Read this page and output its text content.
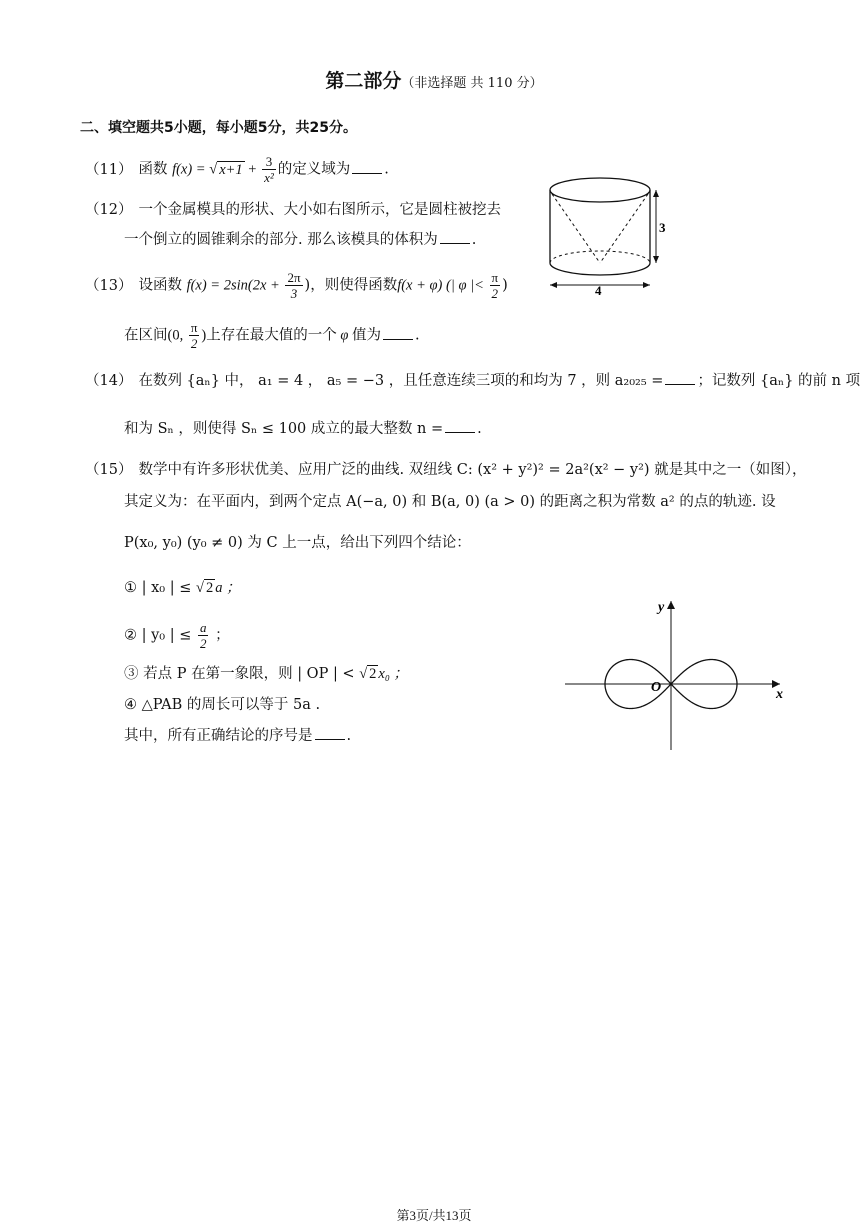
第二部分（非选择题 共 110 分）
二、填空题共5小题，每小题5分，共25分。
（11） 函数 f(x) = √ $x+1 + \frac{3}{\text{x²}}$ 的定义域为 .
（12） 一个金属模具的形状、大小如右图所示，它是圆柱被挖去
一个倒立的圆锥剩余的部分. 那么该模具的体积为 .
（13） 设函数 $f(x) = 2\sin(2x + \frac{2\pi}{3}$ )，则使得函数f(x + φ) (| φ |< $\frac{\pi}{2}$ )
在区间(0, $\frac{\pi}{2}$ )上存在最大值的一个 φ 值为 .
（14） 在数列 {aₙ} 中， a₁ = 4 ， a₅ = −3 ，且任意连续三项的和均为 7 ，则 a₂₀₂₅ = ；记数列 {aₙ} 的前 n 项
和为 Sₙ ，则使得 Sₙ ≤ 100 成立的最大整数 n = .
（15） 数学中有许多形状优美、应用广泛的曲线. 双纽线 C: (x² + y²)² = 2a²(x² − y²) 就是其中之一（如图），
其定义为：在平面内，到两个定点 A(−a, 0) 和 B(a, 0) (a > 0) 的距离之积为常数 a² 的点的轨迹. 设
P(x₀, y₀) (y₀ ≠ 0) 为 C 上一点，给出下列四个结论：
① | x₀ | ≤ √ 2 a ；
② | y₀ | ≤ $\frac{a}{2}$ ；
③ 若点 P 在第一象限，则 | OP | < √ 2 x₀ ；
④ △PAB 的周长可以等于 5a .
其中，所有正确结论的序号是 .
3
4
x
y
O
第3页/共13页
